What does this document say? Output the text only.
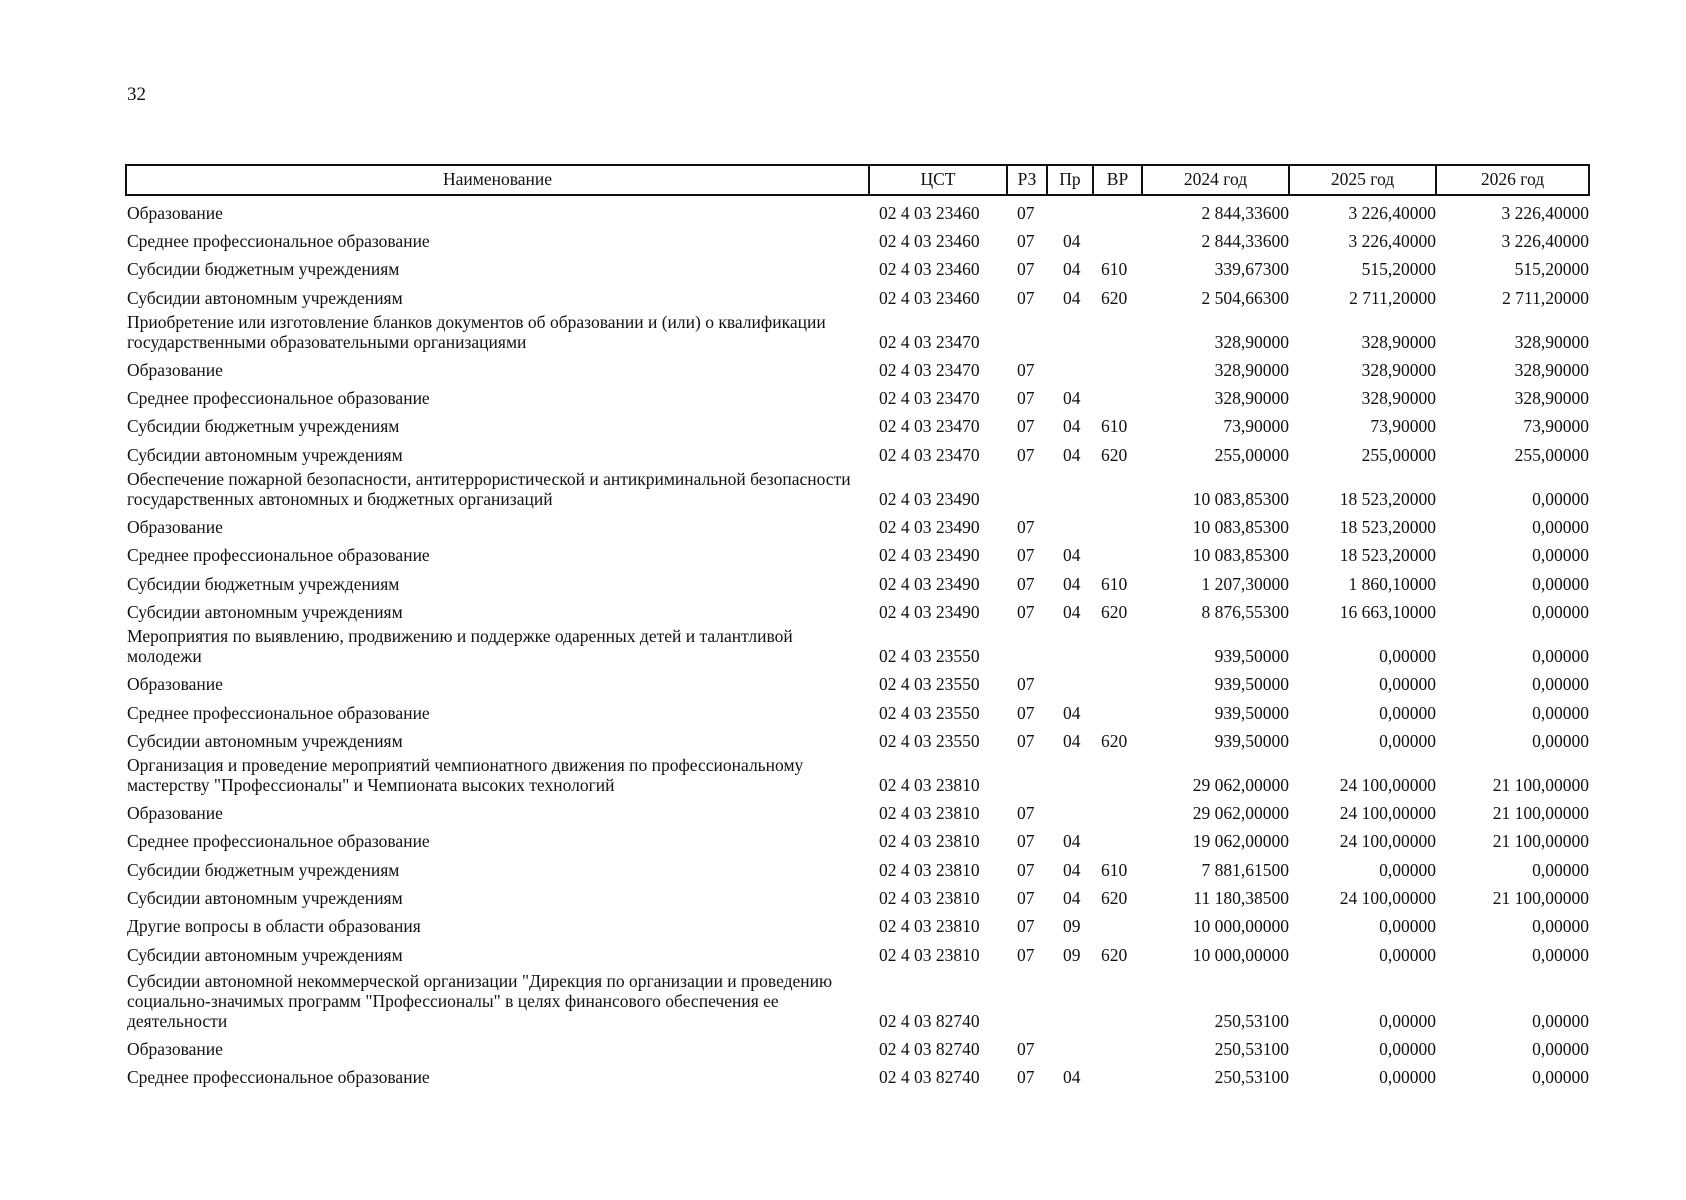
32
Наименование	ЦСТ	РЗ	Пр	ВР	2024 год	2025 год	2026 год
Образование	02 4 03 23460	07			2 844,33600	3 226,40000	3 226,40000
Среднее профессиональное образование	02 4 03 23460	07	04		2 844,33600	3 226,40000	3 226,40000
Субсидии бюджетным учреждениям	02 4 03 23460	07	04	610	339,67300	515,20000	515,20000
Субсидии автономным учреждениям	02 4 03 23460	07	04	620	2 504,66300	2 711,20000	2 711,20000
Приобретение или изготовление бланков документов об образовании и (или) о квалификации государственными образовательными организациями	02 4 03 23470				328,90000	328,90000	328,90000
Образование	02 4 03 23470	07			328,90000	328,90000	328,90000
Среднее профессиональное образование	02 4 03 23470	07	04		328,90000	328,90000	328,90000
Субсидии бюджетным учреждениям	02 4 03 23470	07	04	610	73,90000	73,90000	73,90000
Субсидии автономным учреждениям	02 4 03 23470	07	04	620	255,00000	255,00000	255,00000
Обеспечение пожарной безопасности, антитеррористической и антикриминальной безопасности государственных автономных и бюджетных организаций	02 4 03 23490				10 083,85300	18 523,20000	0,00000
Образование	02 4 03 23490	07			10 083,85300	18 523,20000	0,00000
Среднее профессиональное образование	02 4 03 23490	07	04		10 083,85300	18 523,20000	0,00000
Субсидии бюджетным учреждениям	02 4 03 23490	07	04	610	1 207,30000	1 860,10000	0,00000
Субсидии автономным учреждениям	02 4 03 23490	07	04	620	8 876,55300	16 663,10000	0,00000
Мероприятия по выявлению, продвижению и поддержке одаренных детей и талантливой молодежи	02 4 03 23550				939,50000	0,00000	0,00000
Образование	02 4 03 23550	07			939,50000	0,00000	0,00000
Среднее профессиональное образование	02 4 03 23550	07	04		939,50000	0,00000	0,00000
Субсидии автономным учреждениям	02 4 03 23550	07	04	620	939,50000	0,00000	0,00000
Организация и проведение мероприятий чемпионатного движения по профессиональному мастерству "Профессионалы" и Чемпионата высоких технологий	02 4 03 23810				29 062,00000	24 100,00000	21 100,00000
Образование	02 4 03 23810	07			29 062,00000	24 100,00000	21 100,00000
Среднее профессиональное образование	02 4 03 23810	07	04		19 062,00000	24 100,00000	21 100,00000
Субсидии бюджетным учреждениям	02 4 03 23810	07	04	610	7 881,61500	0,00000	0,00000
Субсидии автономным учреждениям	02 4 03 23810	07	04	620	11 180,38500	24 100,00000	21 100,00000
Другие вопросы в области образования	02 4 03 23810	07	09		10 000,00000	0,00000	0,00000
Субсидии автономным учреждениям	02 4 03 23810	07	09	620	10 000,00000	0,00000	0,00000
Субсидии автономной некоммерческой организации "Дирекция по организации и проведению социально-значимых программ "Профессионалы" в целях финансового обеспечения ее деятельности	02 4 03 82740				250,53100	0,00000	0,00000
Образование	02 4 03 82740	07			250,53100	0,00000	0,00000
Среднее профессиональное образование	02 4 03 82740	07	04		250,53100	0,00000	0,00000
